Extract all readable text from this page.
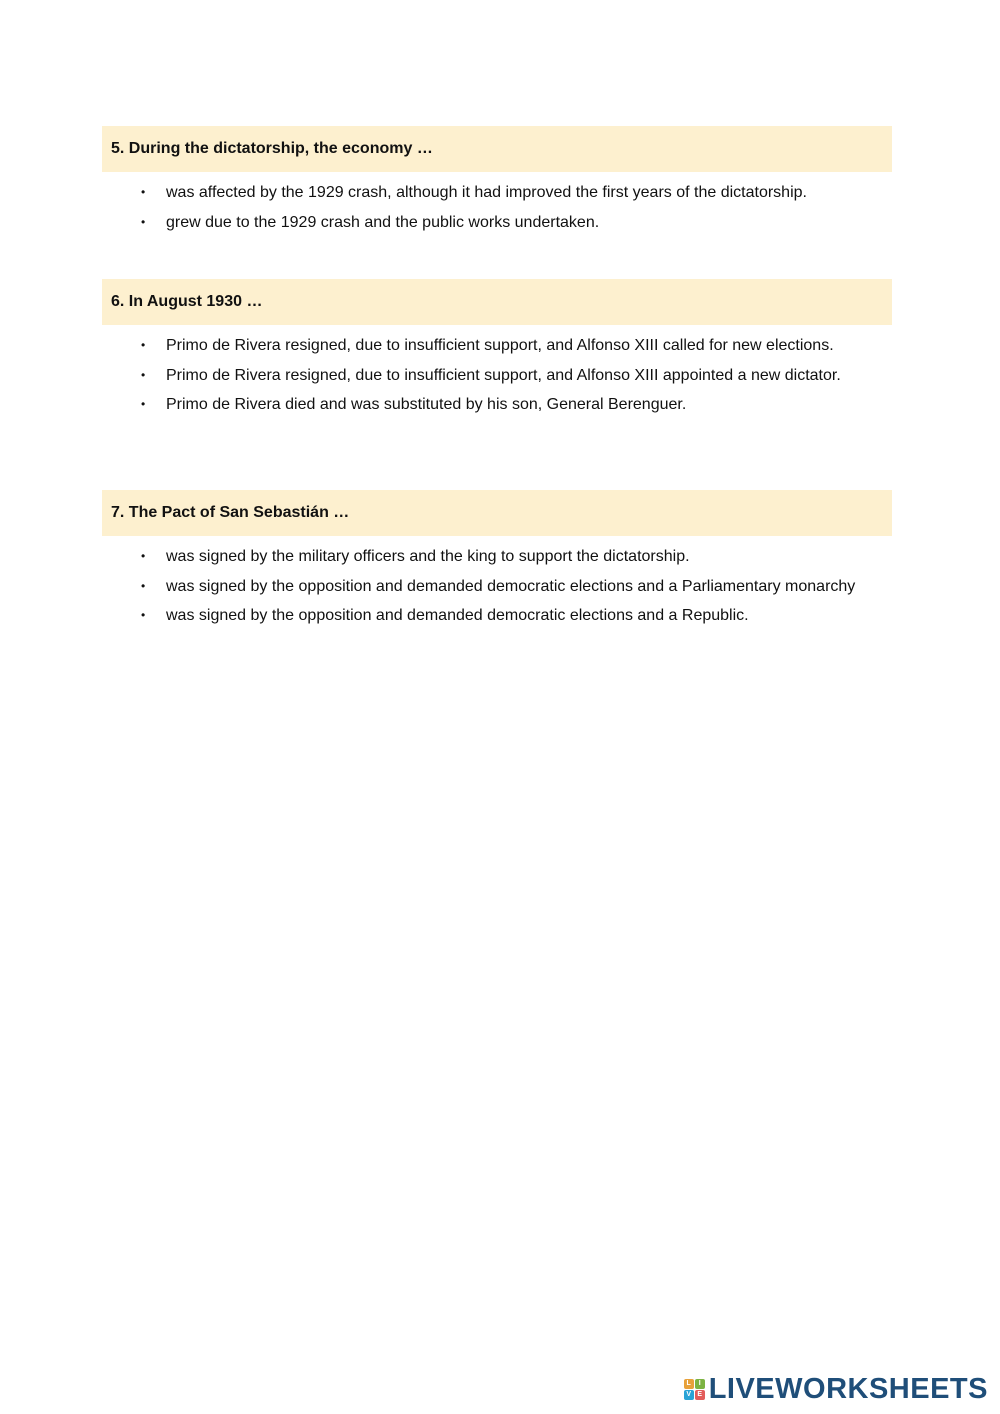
5. During the dictatorship, the economy …
• was affected by the 1929 crash, although it had improved the first years of the dictatorship.
• grew due to the 1929 crash and the public works undertaken.
6. In August 1930 …
• Primo de Rivera resigned, due to insufficient support, and Alfonso XIII called for new elections.
• Primo de Rivera resigned, due to insufficient support, and Alfonso XIII appointed a new dictator.
• Primo de Rivera died and was substituted by his son, General Berenguer.
7. The Pact of San Sebastián …
• was signed by the military officers and the king to support the dictatorship.
• was signed by the opposition and demanded democratic elections and a Parliamentary monarchy
• was signed by the opposition and demanded democratic elections and a Republic.
L	I
V E LIVEWORKSHEETS
